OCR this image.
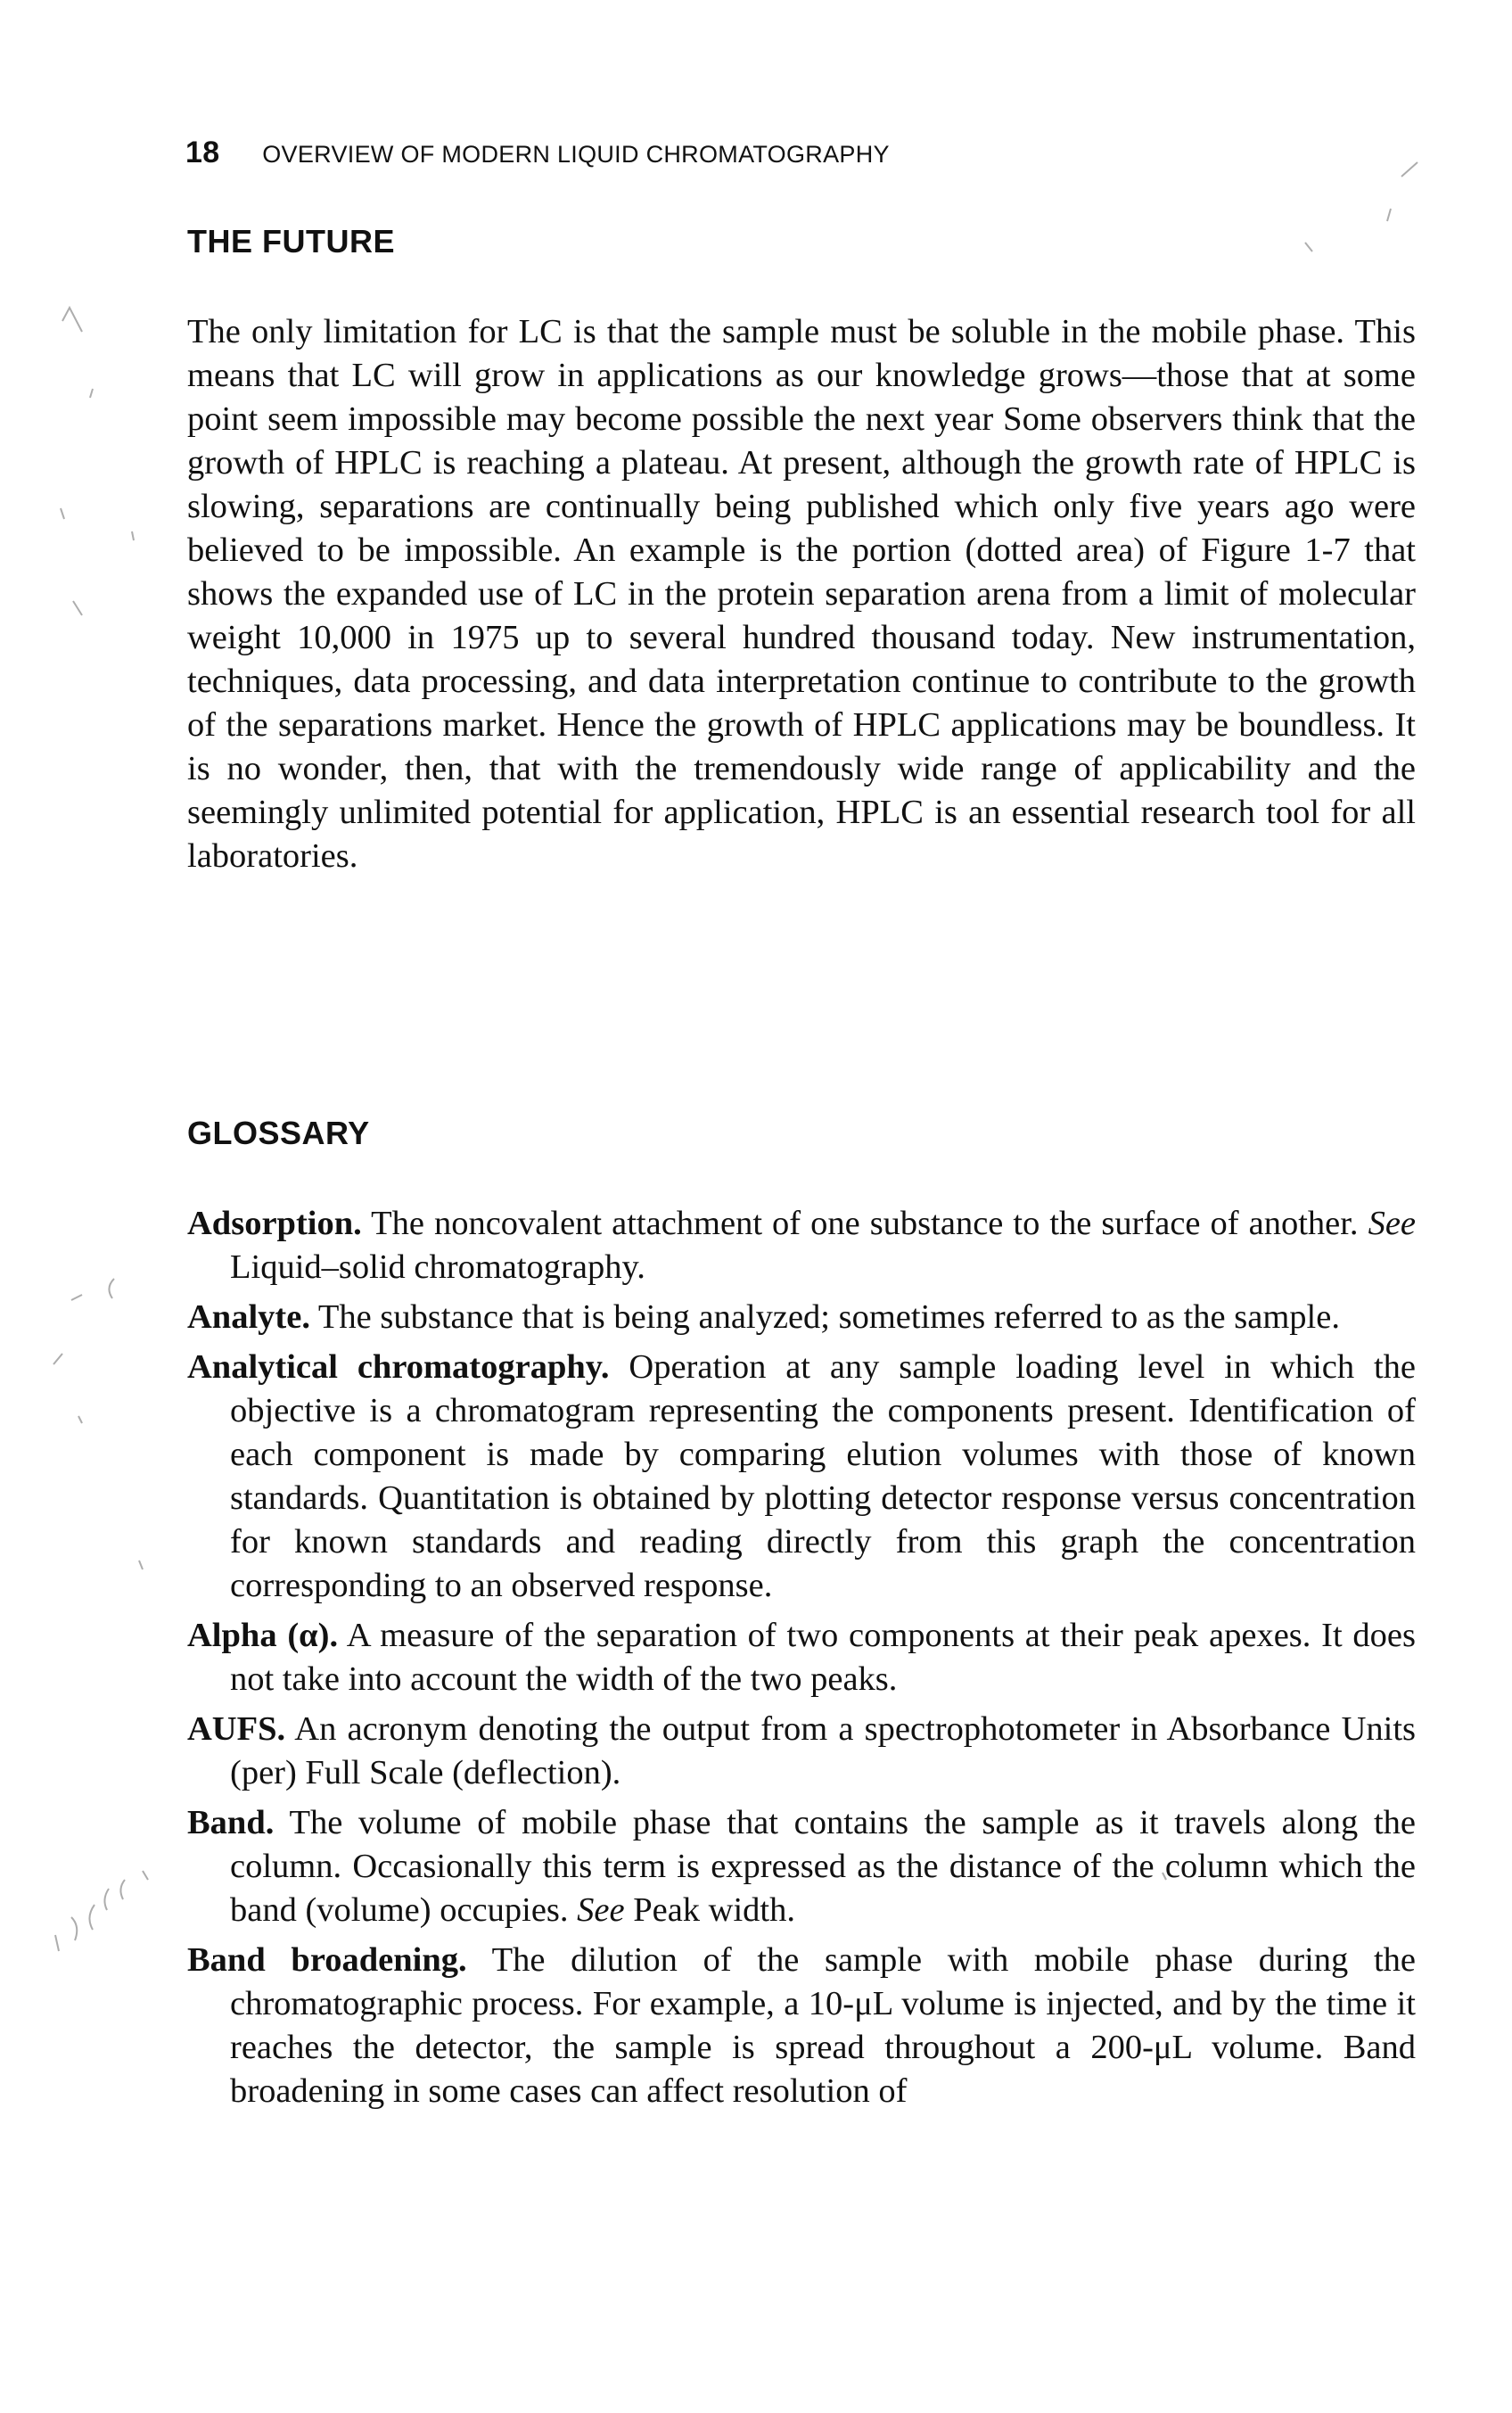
18 OVERVIEW OF MODERN LIQUID CHROMATOGRAPHY
THE FUTURE

The only limitation for LC is that the sample must be soluble in the mobile phase. This means that LC will grow in applications as our knowledge grows—those that at some point seem impossible may become possible the next year Some observers think that the growth of HPLC is reaching a plateau. At present, although the growth rate of HPLC is slowing, separations are continually being published which only five years ago were believed to be impossible. An example is the portion (dotted area) of Figure 1-7 that shows the expanded use of LC in the protein separation arena from a limit of molecular weight 10,000 in 1975 up to several hundred thousand today. New instrumentation, techniques, data processing, and data interpretation continue to contribute to the growth of the separations market. Hence the growth of HPLC applications may be boundless. It is no wonder, then, that with the tremendously wide range of applicability and the seemingly unlimited potential for application, HPLC is an essential research tool for all laboratories.

GLOSSARY

Adsorption. The noncovalent attachment of one substance to the surface of another. See Liquid–solid chromatography.

Analyte. The substance that is being analyzed; sometimes referred to as the sample.

Analytical chromatography. Operation at any sample loading level in which the objective is a chromatogram representing the components present. Identification of each component is made by comparing elution volumes with those of known standards. Quantitation is obtained by plotting detector response versus concentration for known standards and reading directly from this graph the concentration corresponding to an observed response.

Alpha (α). A measure of the separation of two components at their peak apexes. It does not take into account the width of the two peaks.

AUFS. An acronym denoting the output from a spectrophotometer in Absorbance Units (per) Full Scale (deflection).

Band. The volume of mobile phase that contains the sample as it travels along the column. Occasionally this term is expressed as the distance of the column which the band (volume) occupies. See Peak width.

Band broadening. The dilution of the sample with mobile phase during the chromatographic process. For example, a 10-μL volume is injected, and by the time it reaches the detector, the sample is spread throughout a 200-μL volume. Band broadening in some cases can affect resolution of
